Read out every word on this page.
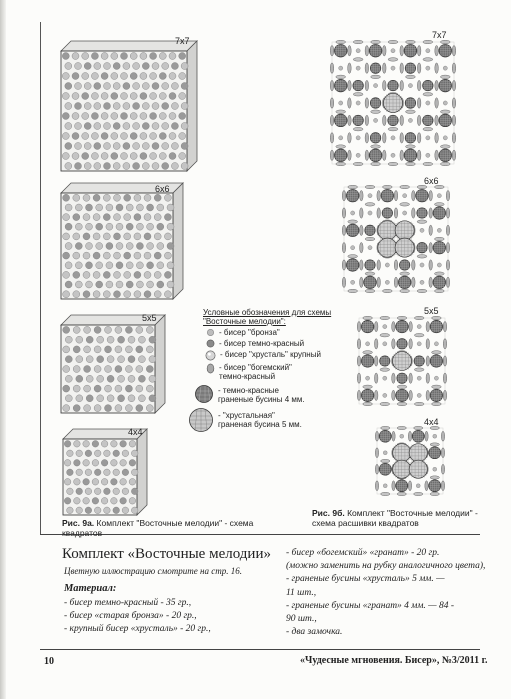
7x7
6x6
5x5
4x4
Рис. 9а. Комплект "Восточные мелодии" - схема квадратов
7x7
6x6
5x5
4x4
Рис. 9б. Комплект "Восточные мелодии" - схема расшивки квадратов
Условные обозначения для схемы "Восточные мелодии":
- бисер "бронза"
- бисер темно-красный
- бисер "хрусталь" крупный
- бисер "богемский" темно-красный
- темно-красные граненые бусины 4 мм.
- "хрустальная" граненая бусина 5 мм.
Комплект «Восточные мелодии»
Цветную иллюстрацию смотрите на стр. 16.
Материал:
- бисер темно-красный - 35 гр.,
- бисер «старая бронза» - 20 гр.,
- крупный бисер «хрусталь» - 20 гр.,
- бисер «богемский» «гранат» - 20 гр.
(можно заменить на рубку аналогичного цвета),
- граненые бусины «хрусталь» 5 мм. —
11 шт.,
- граненые бусины «гранат» 4 мм. — 84 -
90 шт.,
- два замочка.
10	«Чудесные мгновения. Бисер», №3/2011 г.
